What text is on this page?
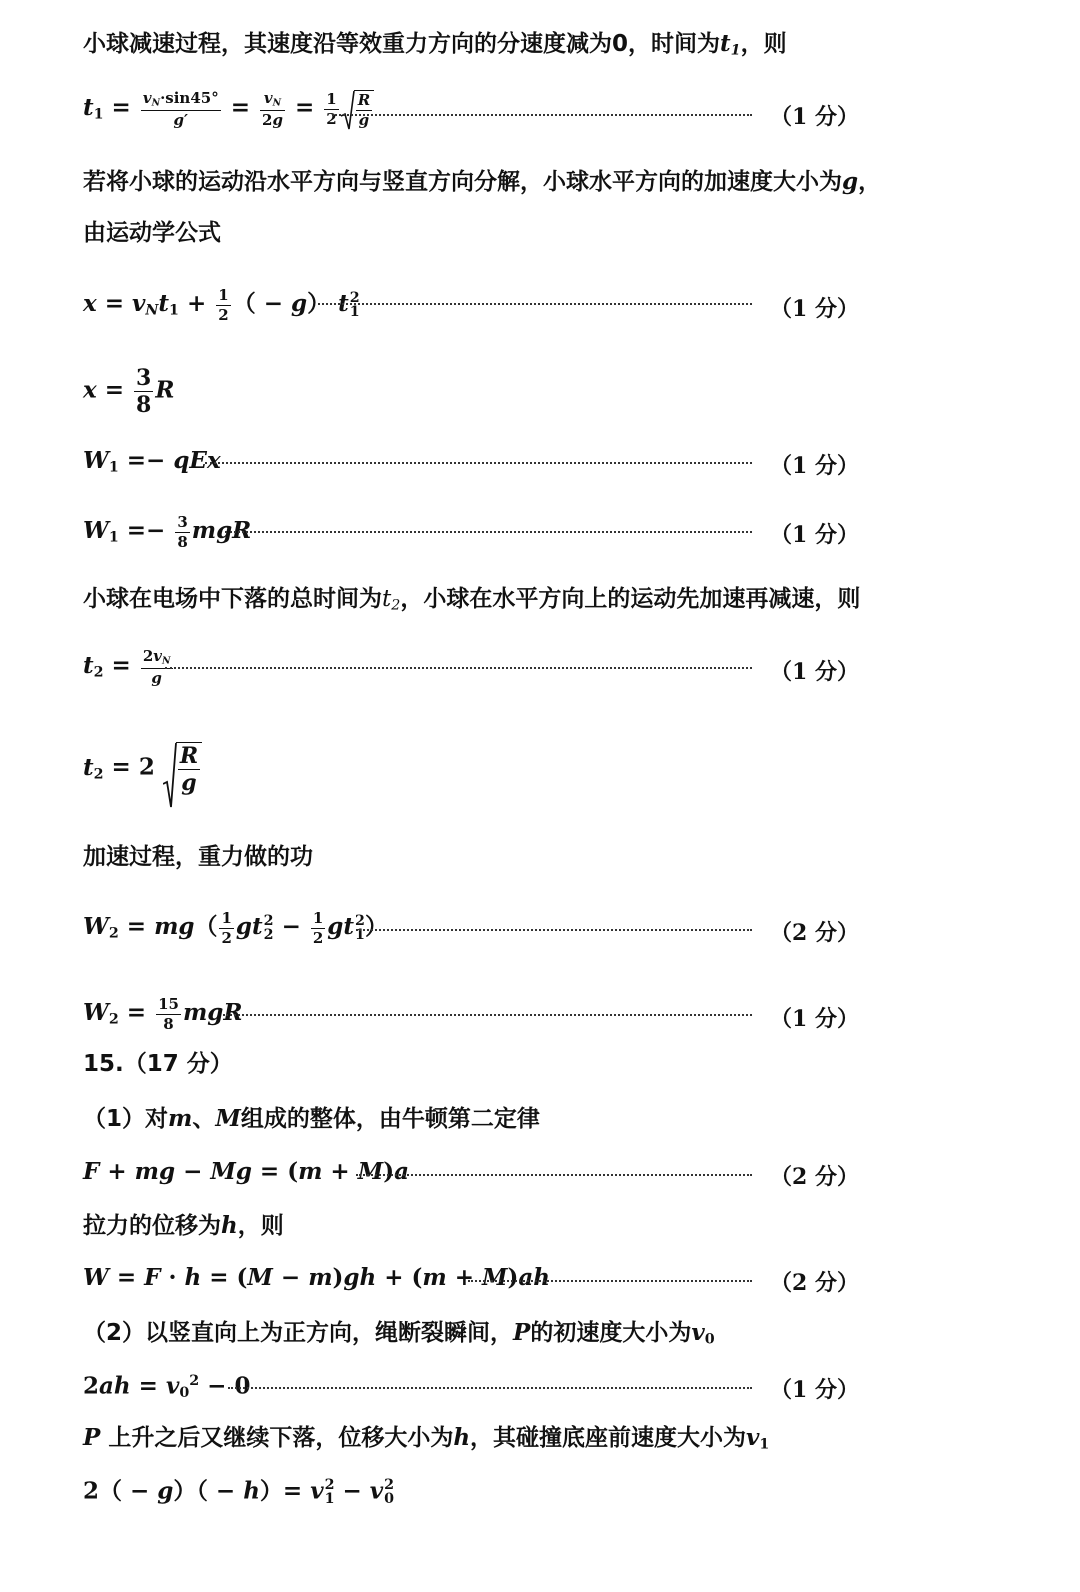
小球减速过程，其速度沿等效重力方向的分速度减为0，时间为$t_1$，则
$t_1 = \frac{v_N\cdot\sin 45^\circ}{g'} = \frac{v_N}{2g} = \frac{1}{2} \frac{R}{g}$	（1 分）
若将小球的运动沿水平方向与竖直方向分解，小球水平方向的加速度大小为g，
由运动学公式
$x = v_Nt_1 + \frac{1}{2}$ （ − g） t 2
1	（1 分）
$x = \frac{3}{8}$ R
$W_1$ =− qEx	（1 分）
$W_1 =- \frac{3}{8}$ mgR	（1 分）
小球在电场中下落的总时间为$t_2$，小球在水平方向上的运动先加速再减速，则
$t_2 = \frac{2v_N}{g}$	（1 分）
$t_2 = 2 \frac{R}{g}$
加速过程，重力做的功
$W_2 = mg( \frac{1}{2}$ gt 2
$2 - \frac{1}{2}$ gt 2
1 ）	（2 分）
$W_2 = \frac{15}{8}$ mgR	（1 分）
15.（17 分）
（1）对m、M组成的整体，由牛顿第二定律
F + mg − Mg = (m + M)a	（2 分）
拉力的位移为h，则
W = F · h = (M − m)gh + (m + M)ah	（2 分）
（2）以竖直向上为正方向，绳断裂瞬间，P的初速度大小为$v_0$
$2ah = v_0^2 - 0$	（1 分）
P 上升之后又继续下落，位移大小为h，其碰撞底座前速度大小为$v_1$
2（ − g）（ − h）= v 2
1 − v 2
0
